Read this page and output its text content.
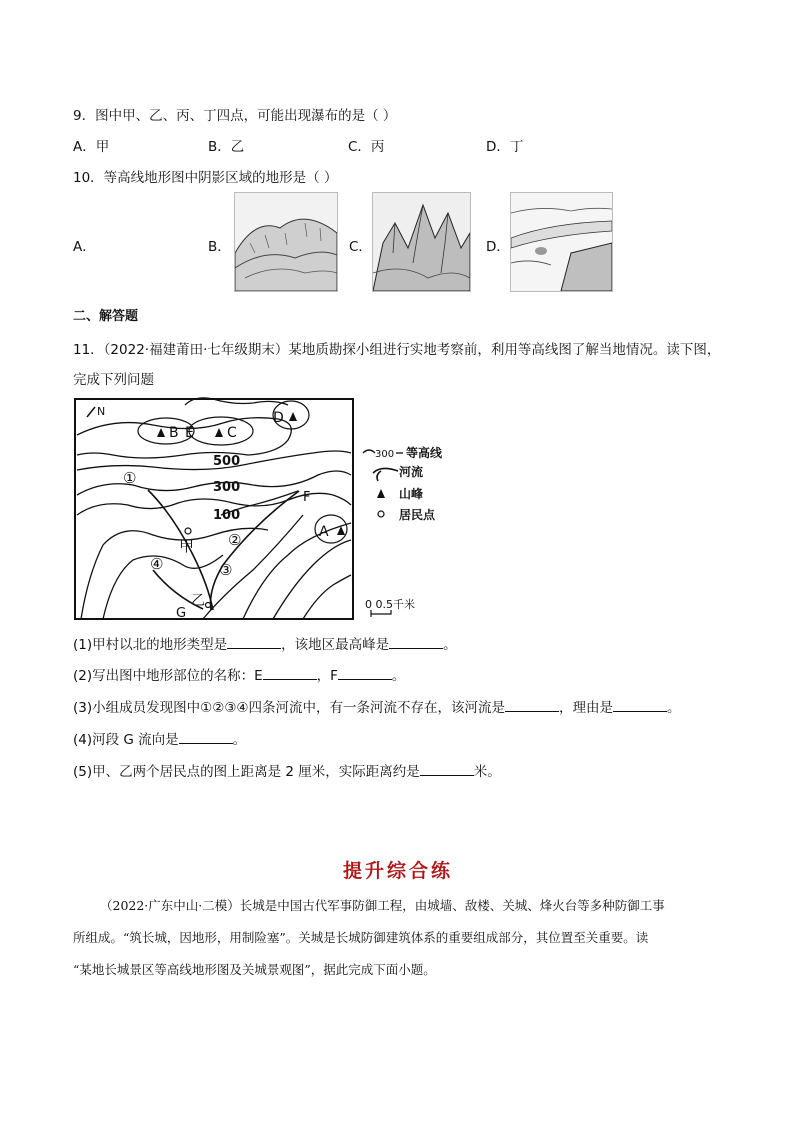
9．图中甲、乙、丙、丁四点，可能出现瀑布的是（ ）
A．甲	B．乙	C．丙	D．丁
10．等高线地形图中阴影区域的地形是（ ）
A．	B．	C．	D．
二、解答题
11．（2022·福建莆田·七年级期末）某地质勘探小组进行实地考察前，利用等高线图了解当地情况。读下图，
完成下列问题
N
B	C
D
A
E
F
G
500
300
100
甲
乙
①
②
③
④
0 0.5千米
300 等高线
河流
山峰
居民点
(1)甲村以北的地形类型是	，该地区最高峰是	。
(2)写出图中地形部位的名称：E	，F	。
(3)小组成员发现图中①②③④四条河流中，有一条河流不存在，该河流是	，理由是	。
(4)河段 G 流向是	。
(5)甲、乙两个居民点的图上距离是 2 厘米，实际距离约是	米。
提升综合练
（2022·广东中山·二模）长城是中国古代军事防御工程，由城墙、敌楼、关城、烽火台等多种防御工事
所组成。“筑长城，因地形，用制险塞”。关城是长城防御建筑体系的重要组成部分，其位置至关重要。读
“某地长城景区等高线地形图及关城景观图”，据此完成下面小题。
